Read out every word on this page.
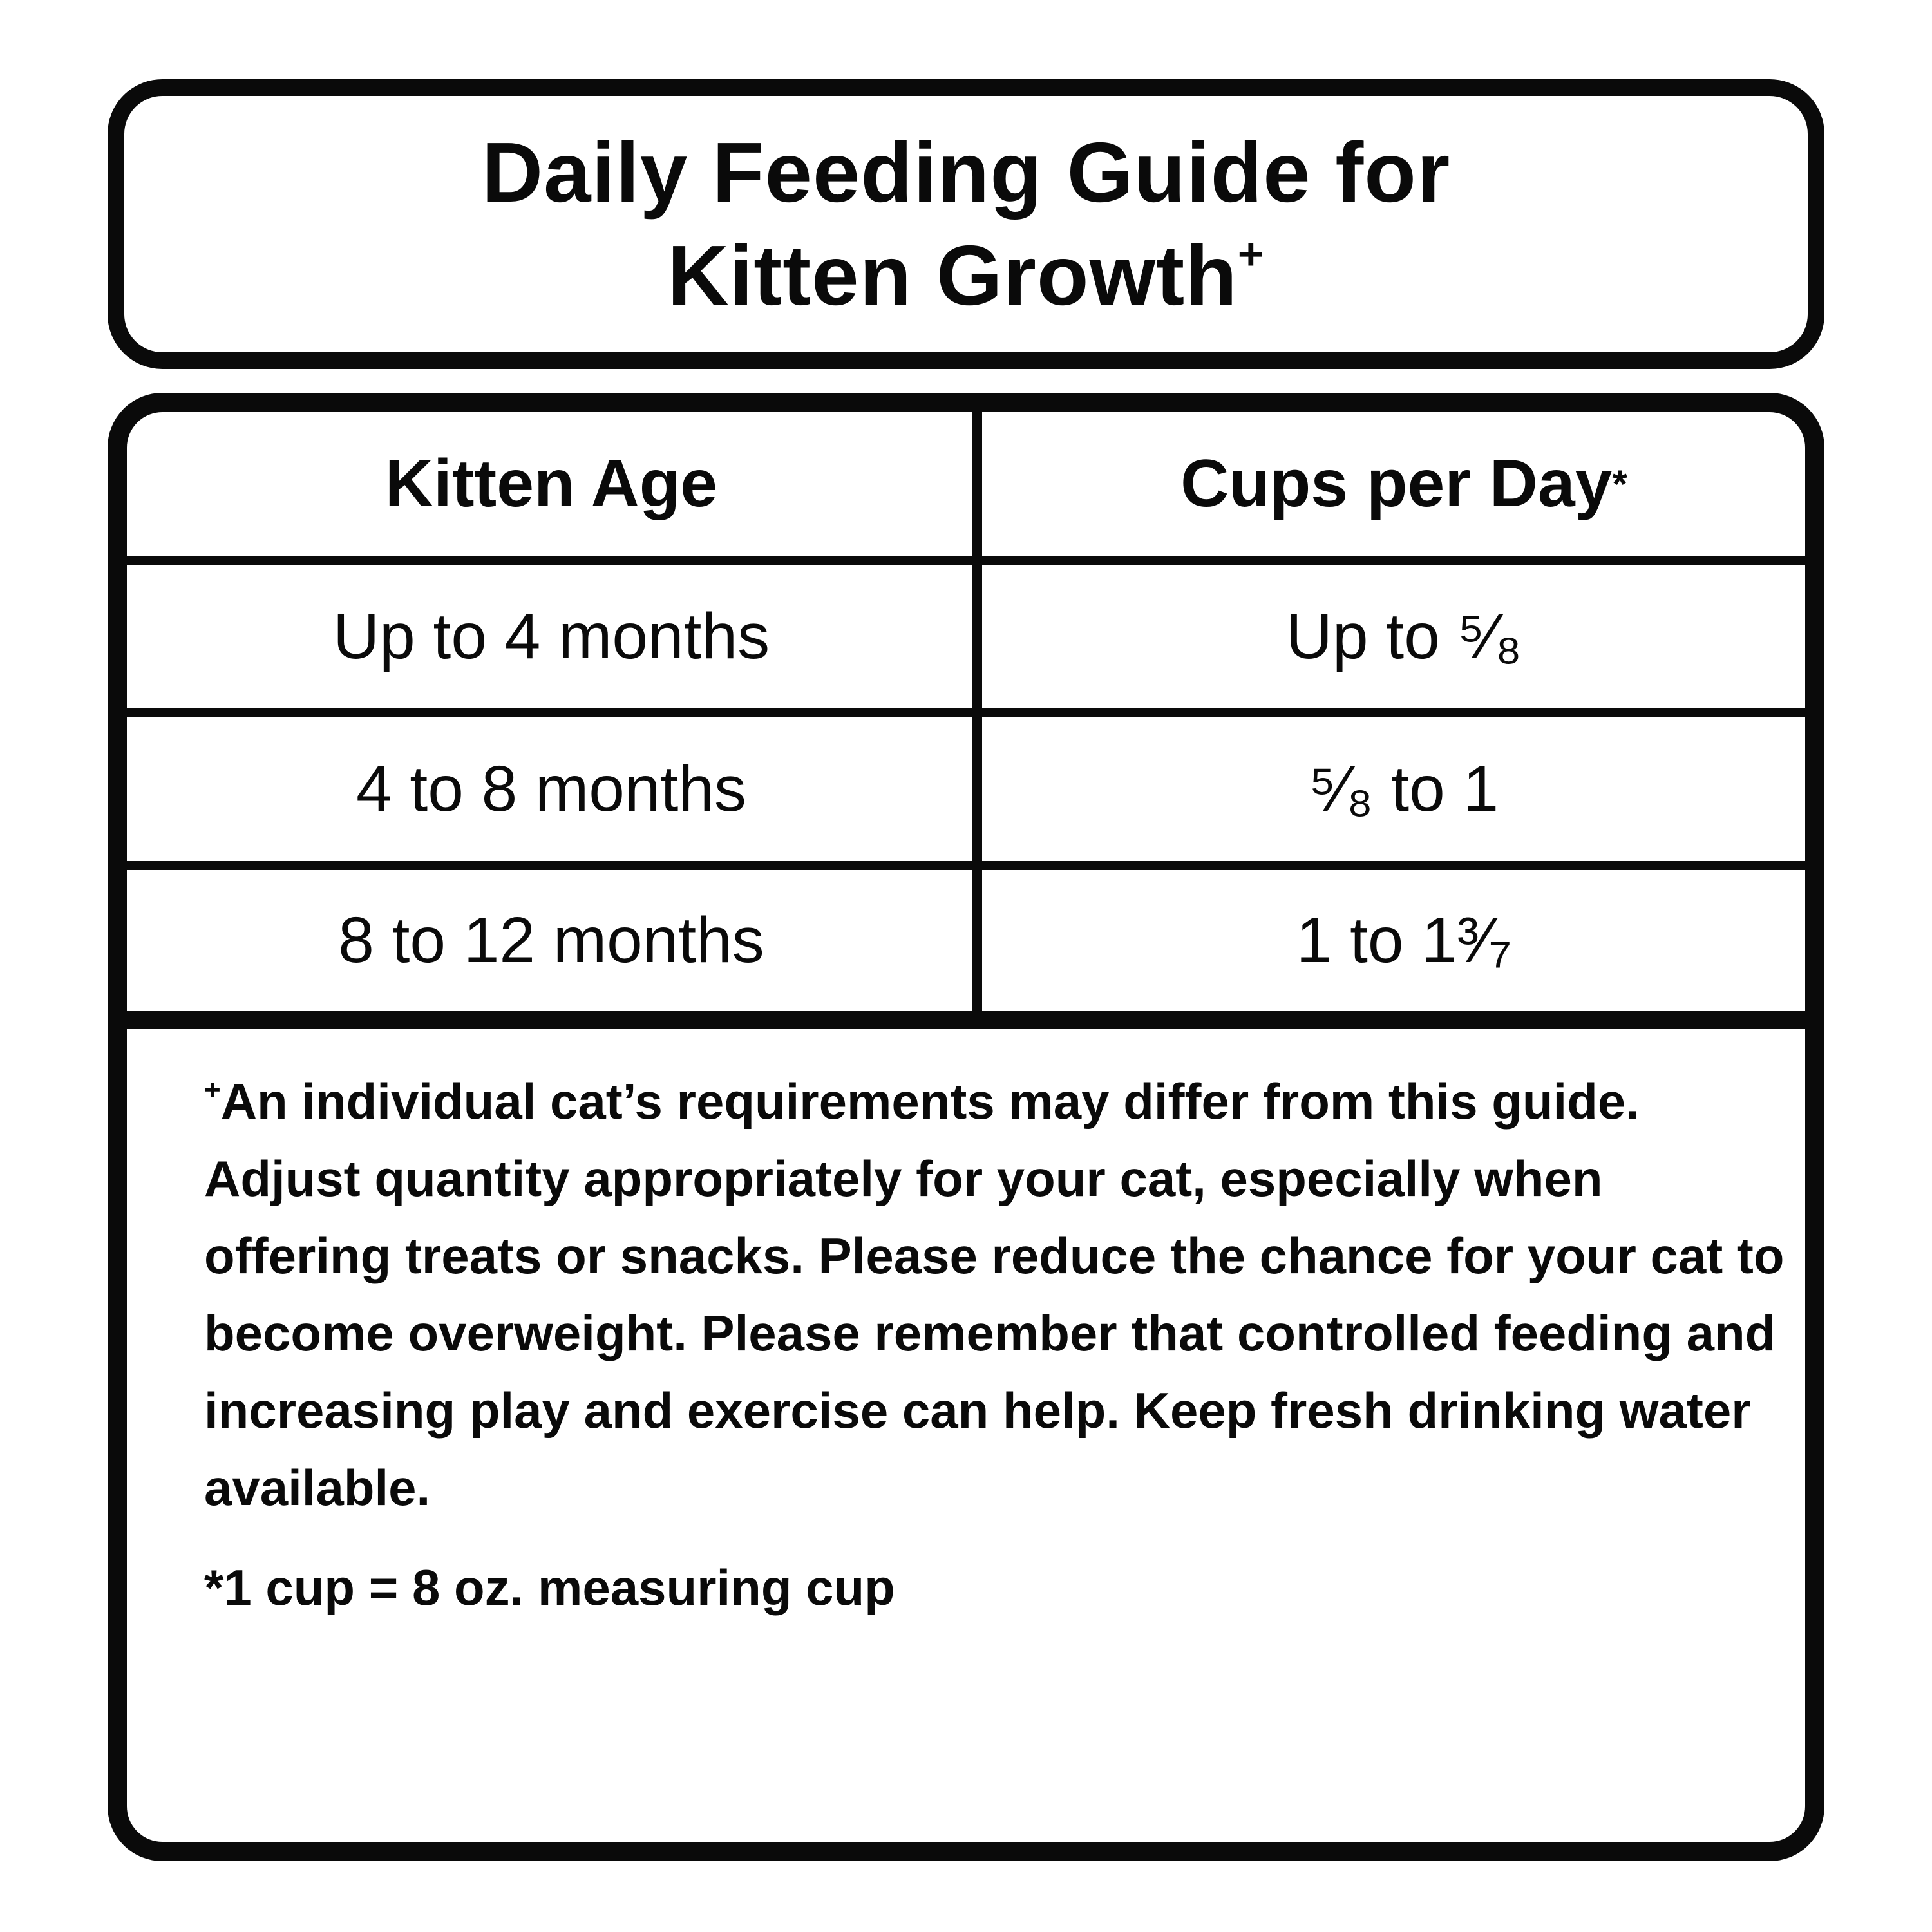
Daily Feeding Guide for
Kitten Growth+
Kitten Age	Cups per Day *
Up to 4 months	Up to ⁵⁄₈
4 to 8 months	⁵⁄₈ to 1
8 to 12 months	1 to 1³⁄₇

+An individual cat’s requirements may differ from this guide. Adjust quantity appropriately for your cat, especially when offering treats or snacks. Please reduce the chance for your cat to become overweight. Please remember that controlled feeding and increasing play and exercise can help. Keep fresh drinking water available.

*1 cup = 8 oz. measuring cup
